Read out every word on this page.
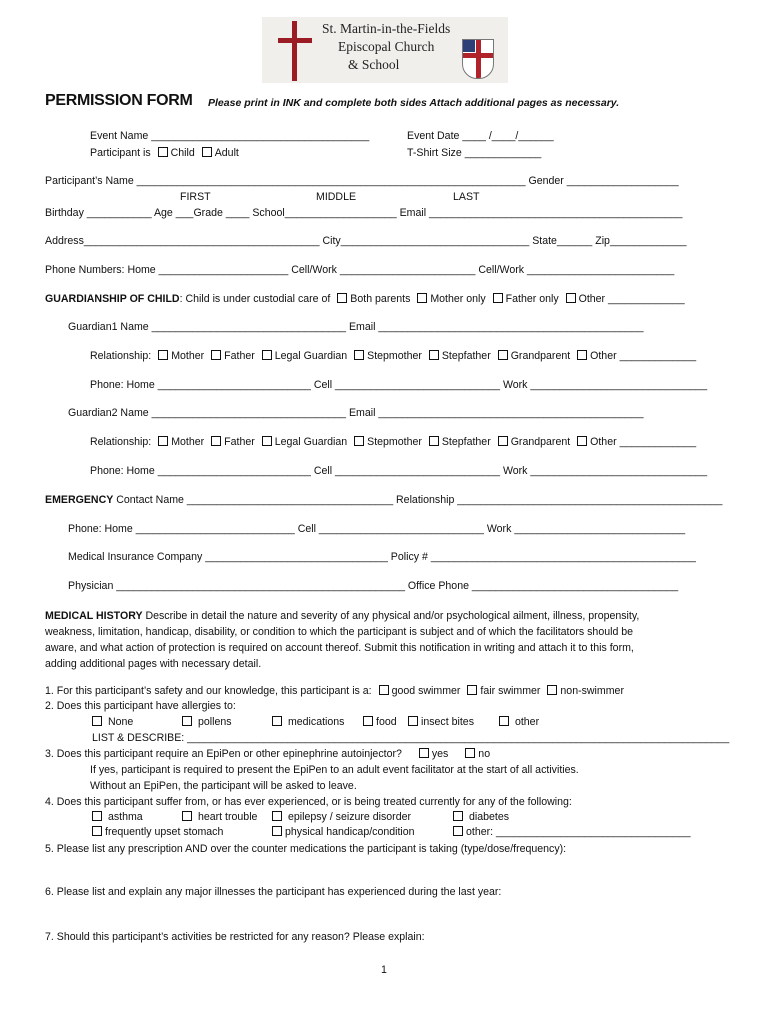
St. Martin-in-the-Fields
Episcopal Church
& School
PERMISSION FORM Please print in INK and complete both sides Attach additional pages as necessary.
Event Name _____________________________________
Participant is Child Adult
Event Date ____ /____/______
T-Shirt Size _____________
Participant’s Name __________________________________________________________________ Gender ___________________
FIRST	MIDDLE	LAST
Birthday ___________ Age ___Grade ____ School___________________ Email ___________________________________________
Address________________________________________ City________________________________ State______ Zip_____________
Phone Numbers: Home ______________________ Cell/Work _______________________ Cell/Work _________________________
GUARDIANSHIP OF CHILD: Child is under custodial care of Both parents Mother only Father only Other _____________
Guardian1 Name _________________________________ Email _____________________________________________
Relationship: Mother Father Legal Guardian Stepmother Stepfather Grandparent Other _____________
Phone: Home __________________________ Cell ____________________________ Work ______________________________
Guardian2 Name _________________________________ Email _____________________________________________
Relationship: Mother Father Legal Guardian Stepmother Stepfather Grandparent Other _____________
Phone: Home __________________________ Cell ____________________________ Work ______________________________
EMERGENCY Contact Name ___________________________________ Relationship _____________________________________________
Phone: Home ___________________________ Cell ____________________________ Work _____________________________
Medical Insurance Company _______________________________ Policy # _____________________________________________
Physician _________________________________________________ Office Phone ___________________________________
MEDICAL HISTORY Describe in detail the nature and severity of any physical and/or psychological ailment, illness, propensity,
weakness, limitation, handicap, disability, or condition to which the participant is subject and of which the facilitators should be
aware, and what action of protection is required on account thereof. Submit this notification in writing and attach it to this form,
adding additional pages with necessary detail.
1. For this participant’s safety and our knowledge, this participant is a: good swimmer fair swimmer non-swimmer
2. Does this participant have allergies to:
None	pollens	medications	food	insect bites	other
LIST & DESCRIBE: ____________________________________________________________________________________________
3. Does this participant require an EpiPen or other epinephrine autoinjector?	yes	no
If yes, participant is required to present the EpiPen to an adult event facilitator at the start of all activities.
Without an EpiPen, the participant will be asked to leave.
4. Does this participant suffer from, or has ever experienced, or is being treated currently for any of the following:
asthma	heart trouble	epilepsy / seizure disorder	diabetes
frequently upset stomach	physical handicap/condition	other: _________________________________
5. Please list any prescription AND over the counter medications the participant is taking (type/dose/frequency):
6. Please list and explain any major illnesses the participant has experienced during the last year:
7. Should this participant’s activities be restricted for any reason? Please explain:
1
